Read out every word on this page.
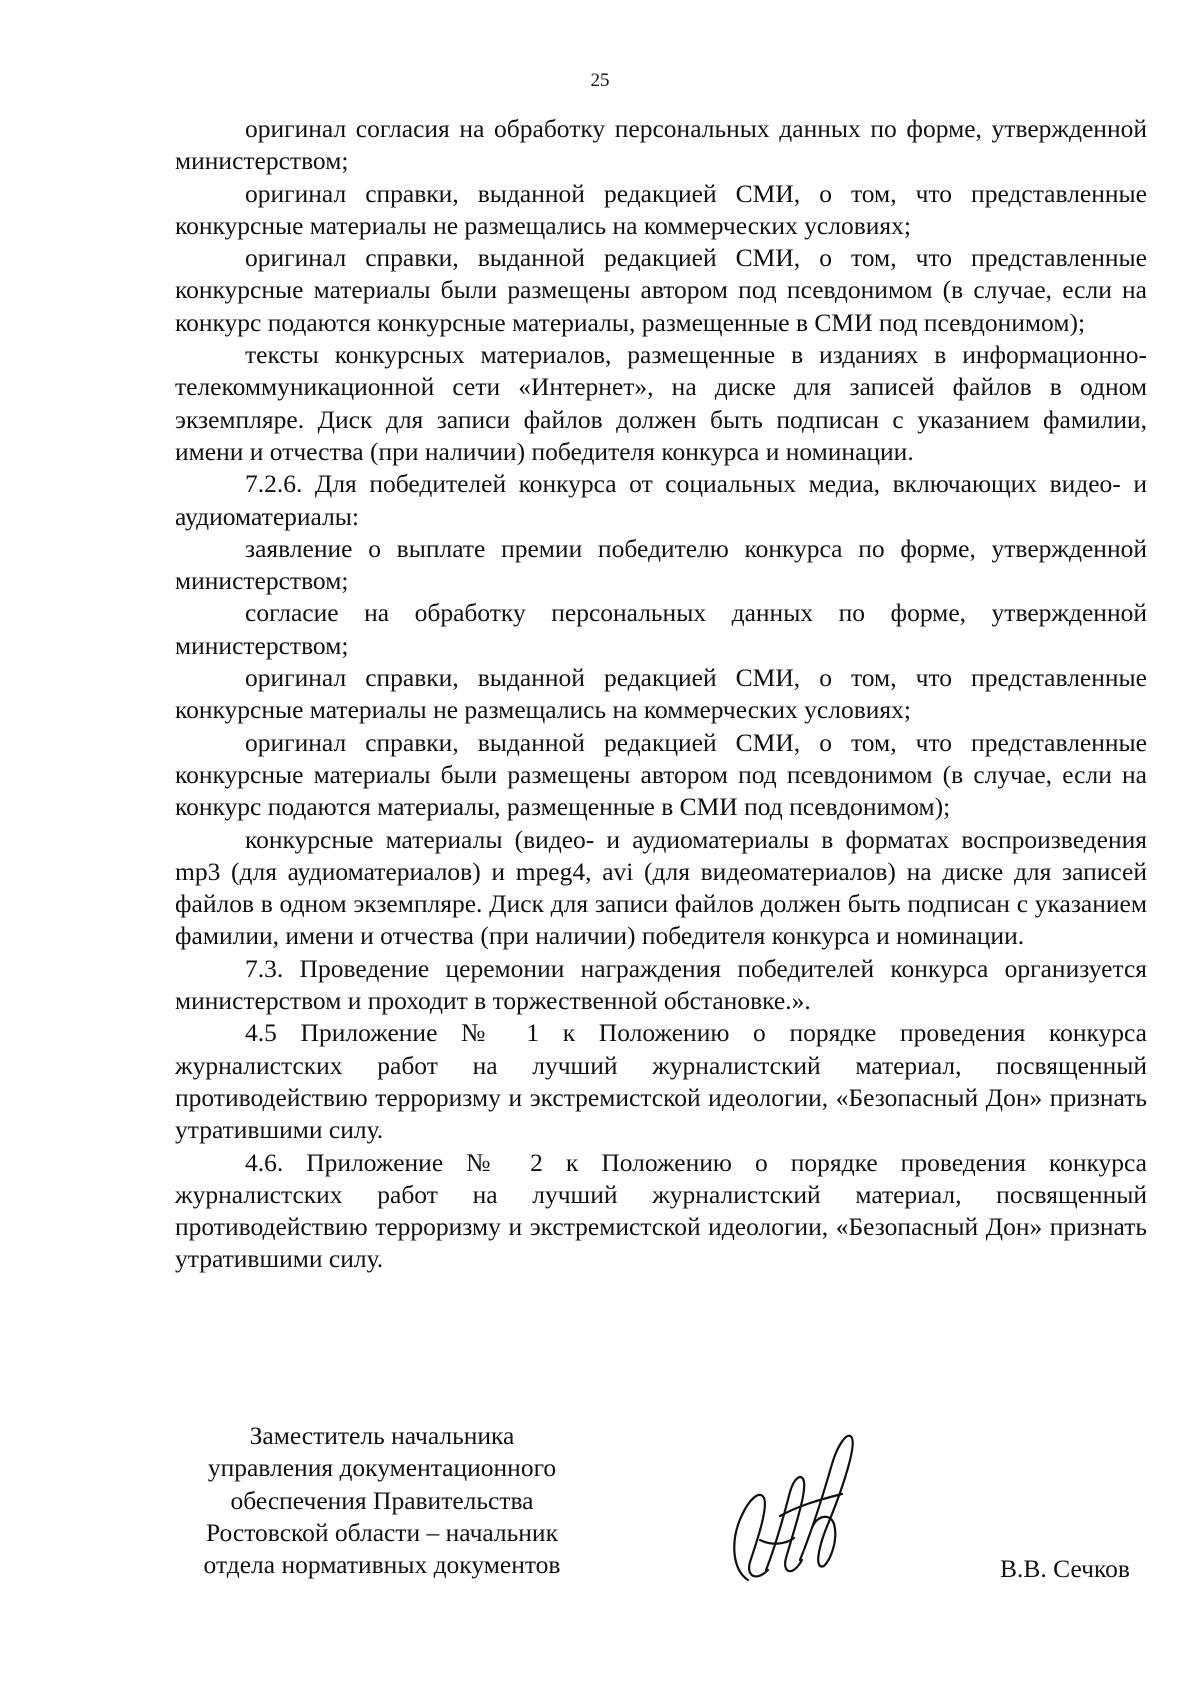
25

оригинал согласия на обработку персональных данных по форме, утвержденной министерством;

оригинал справки, выданной редакцией СМИ, о том, что представленные конкурсные материалы не размещались на коммерческих условиях;

оригинал справки, выданной редакцией СМИ, о том, что представленные конкурсные материалы были размещены автором под псевдонимом (в случае, если на конкурс подаются конкурсные материалы, размещенные в СМИ под псевдонимом);

тексты конкурсных материалов, размещенные в изданиях в информационно-телекоммуникационной сети «Интернет», на диске для записей файлов в одном экземпляре. Диск для записи файлов должен быть подписан с указанием фамилии, имени и отчества (при наличии) победителя конкурса и номинации.

7.2.6. Для победителей конкурса от социальных медиа, включающих видео- и аудиоматериалы:

заявление о выплате премии победителю конкурса по форме, утвержденной министерством;

согласие на обработку персональных данных по форме, утвержденной министерством;

оригинал справки, выданной редакцией СМИ, о том, что представленные конкурсные материалы не размещались на коммерческих условиях;

оригинал справки, выданной редакцией СМИ, о том, что представленные конкурсные материалы были размещены автором под псевдонимом (в случае, если на конкурс подаются материалы, размещенные в СМИ под псевдонимом);

конкурсные материалы (видео- и аудиоматериалы в форматах воспроизведения mp3 (для аудиоматериалов) и mpeg4, avi (для видеоматериалов) на диске для записей файлов в одном экземпляре. Диск для записи файлов должен быть подписан с указанием фамилии, имени и отчества (при наличии) победителя конкурса и номинации.

7.3. Проведение церемонии награждения победителей конкурса организуется министерством и проходит в торжественной обстановке.».

4.5 Приложение № 1 к Положению о порядке проведения конкурса журналистских работ на лучший журналистский материал, посвященный противодействию терроризму и экстремистской идеологии, «Безопасный Дон» признать утратившими силу.

4.6. Приложение № 2 к Положению о порядке проведения конкурса журналистских работ на лучший журналистский материал, посвященный противодействию терроризму и экстремистской идеологии, «Безопасный Дон» признать утратившими силу.

Заместитель начальника
управления документационного
обеспечения Правительства
Ростовской области – начальник
отдела нормативных документов	В.В. Сечков
